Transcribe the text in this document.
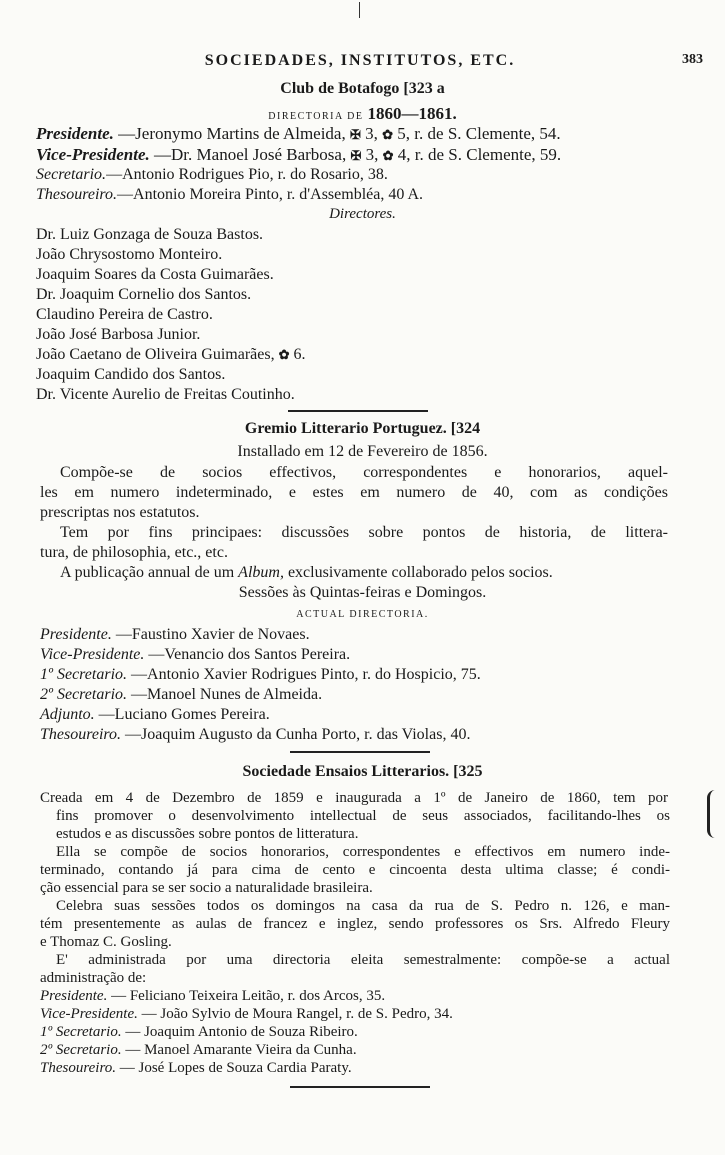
SOCIEDADES, INSTITUTOS, ETC.	383
Club de Botafogo [323 a
DIRECTORIA DE 1860—1861.
Presidente. —Jeronymo Martins de Almeida, ✠ 3, ✿ 5, r. de S. Clemente, 54.
Vice-Presidente. —Dr. Manoel José Barbosa, ✠ 3, ✿ 4, r. de S. Clemente, 59.
Secretario.—Antonio Rodrigues Pio, r. do Rosario, 38.
Thesoureiro.—Antonio Moreira Pinto, r. d'Assembléa, 40 A.
Directores.
Dr. Luiz Gonzaga de Souza Bastos.
João Chrysostomo Monteiro.
Joaquim Soares da Costa Guimarães.
Dr. Joaquim Cornelio dos Santos.
Claudino Pereira de Castro.
João José Barbosa Junior.
João Caetano de Oliveira Guimarães, ✿ 6.
Joaquim Candido dos Santos.
Dr. Vicente Aurelio de Freitas Coutinho.
Gremio Litterario Portuguez. [324
Installado em 12 de Fevereiro de 1856.
Compõe-se de socios effectivos, correspondentes e honorarios, aquel-
les em numero indeterminado, e estes em numero de 40, com as condições
prescriptas nos estatutos.
Tem por fins principaes: discussões sobre pontos de historia, de littera-
tura, de philosophia, etc., etc.
A publicação annual de um Album, exclusivamente collaborado pelos socios.
Sessões às Quintas-feiras e Domingos.
ACTUAL DIRECTORIA.
Presidente. —Faustino Xavier de Novaes.
Vice-Presidente. —Venancio dos Santos Pereira.
1º Secretario. —Antonio Xavier Rodrigues Pinto, r. do Hospicio, 75.
2º Secretario. —Manoel Nunes de Almeida.
Adjunto. —Luciano Gomes Pereira.
Thesoureiro. —Joaquim Augusto da Cunha Porto, r. das Violas, 40.
Sociedade Ensaios Litterarios. [325
Creada em 4 de Dezembro de 1859 e inaugurada a 1º de Janeiro de 1860, tem por
fins promover o desenvolvimento intellectual de seus associados, facilitando-lhes os
estudos e as discussões sobre pontos de litteratura.
Ella se compõe de socios honorarios, correspondentes e effectivos em numero inde-
terminado, contando já para cima de cento e cincoenta desta ultima classe; é condi-
ção essencial para se ser socio a naturalidade brasileira.
Celebra suas sessões todos os domingos na casa da rua de S. Pedro n. 126, e man-
tém presentemente as aulas de francez e inglez, sendo professores os Srs. Alfredo Fleury
e Thomaz C. Gosling.
E' administrada por uma directoria eleita semestralmente: compõe-se a actual
administração de:
Presidente. — Feliciano Teixeira Leitão, r. dos Arcos, 35.
Vice-Presidente. — João Sylvio de Moura Rangel, r. de S. Pedro, 34.
1º Secretario. — Joaquim Antonio de Souza Ribeiro.
2º Secretario. — Manoel Amarante Vieira da Cunha.
Thesoureiro. — José Lopes de Souza Cardia Paraty.
